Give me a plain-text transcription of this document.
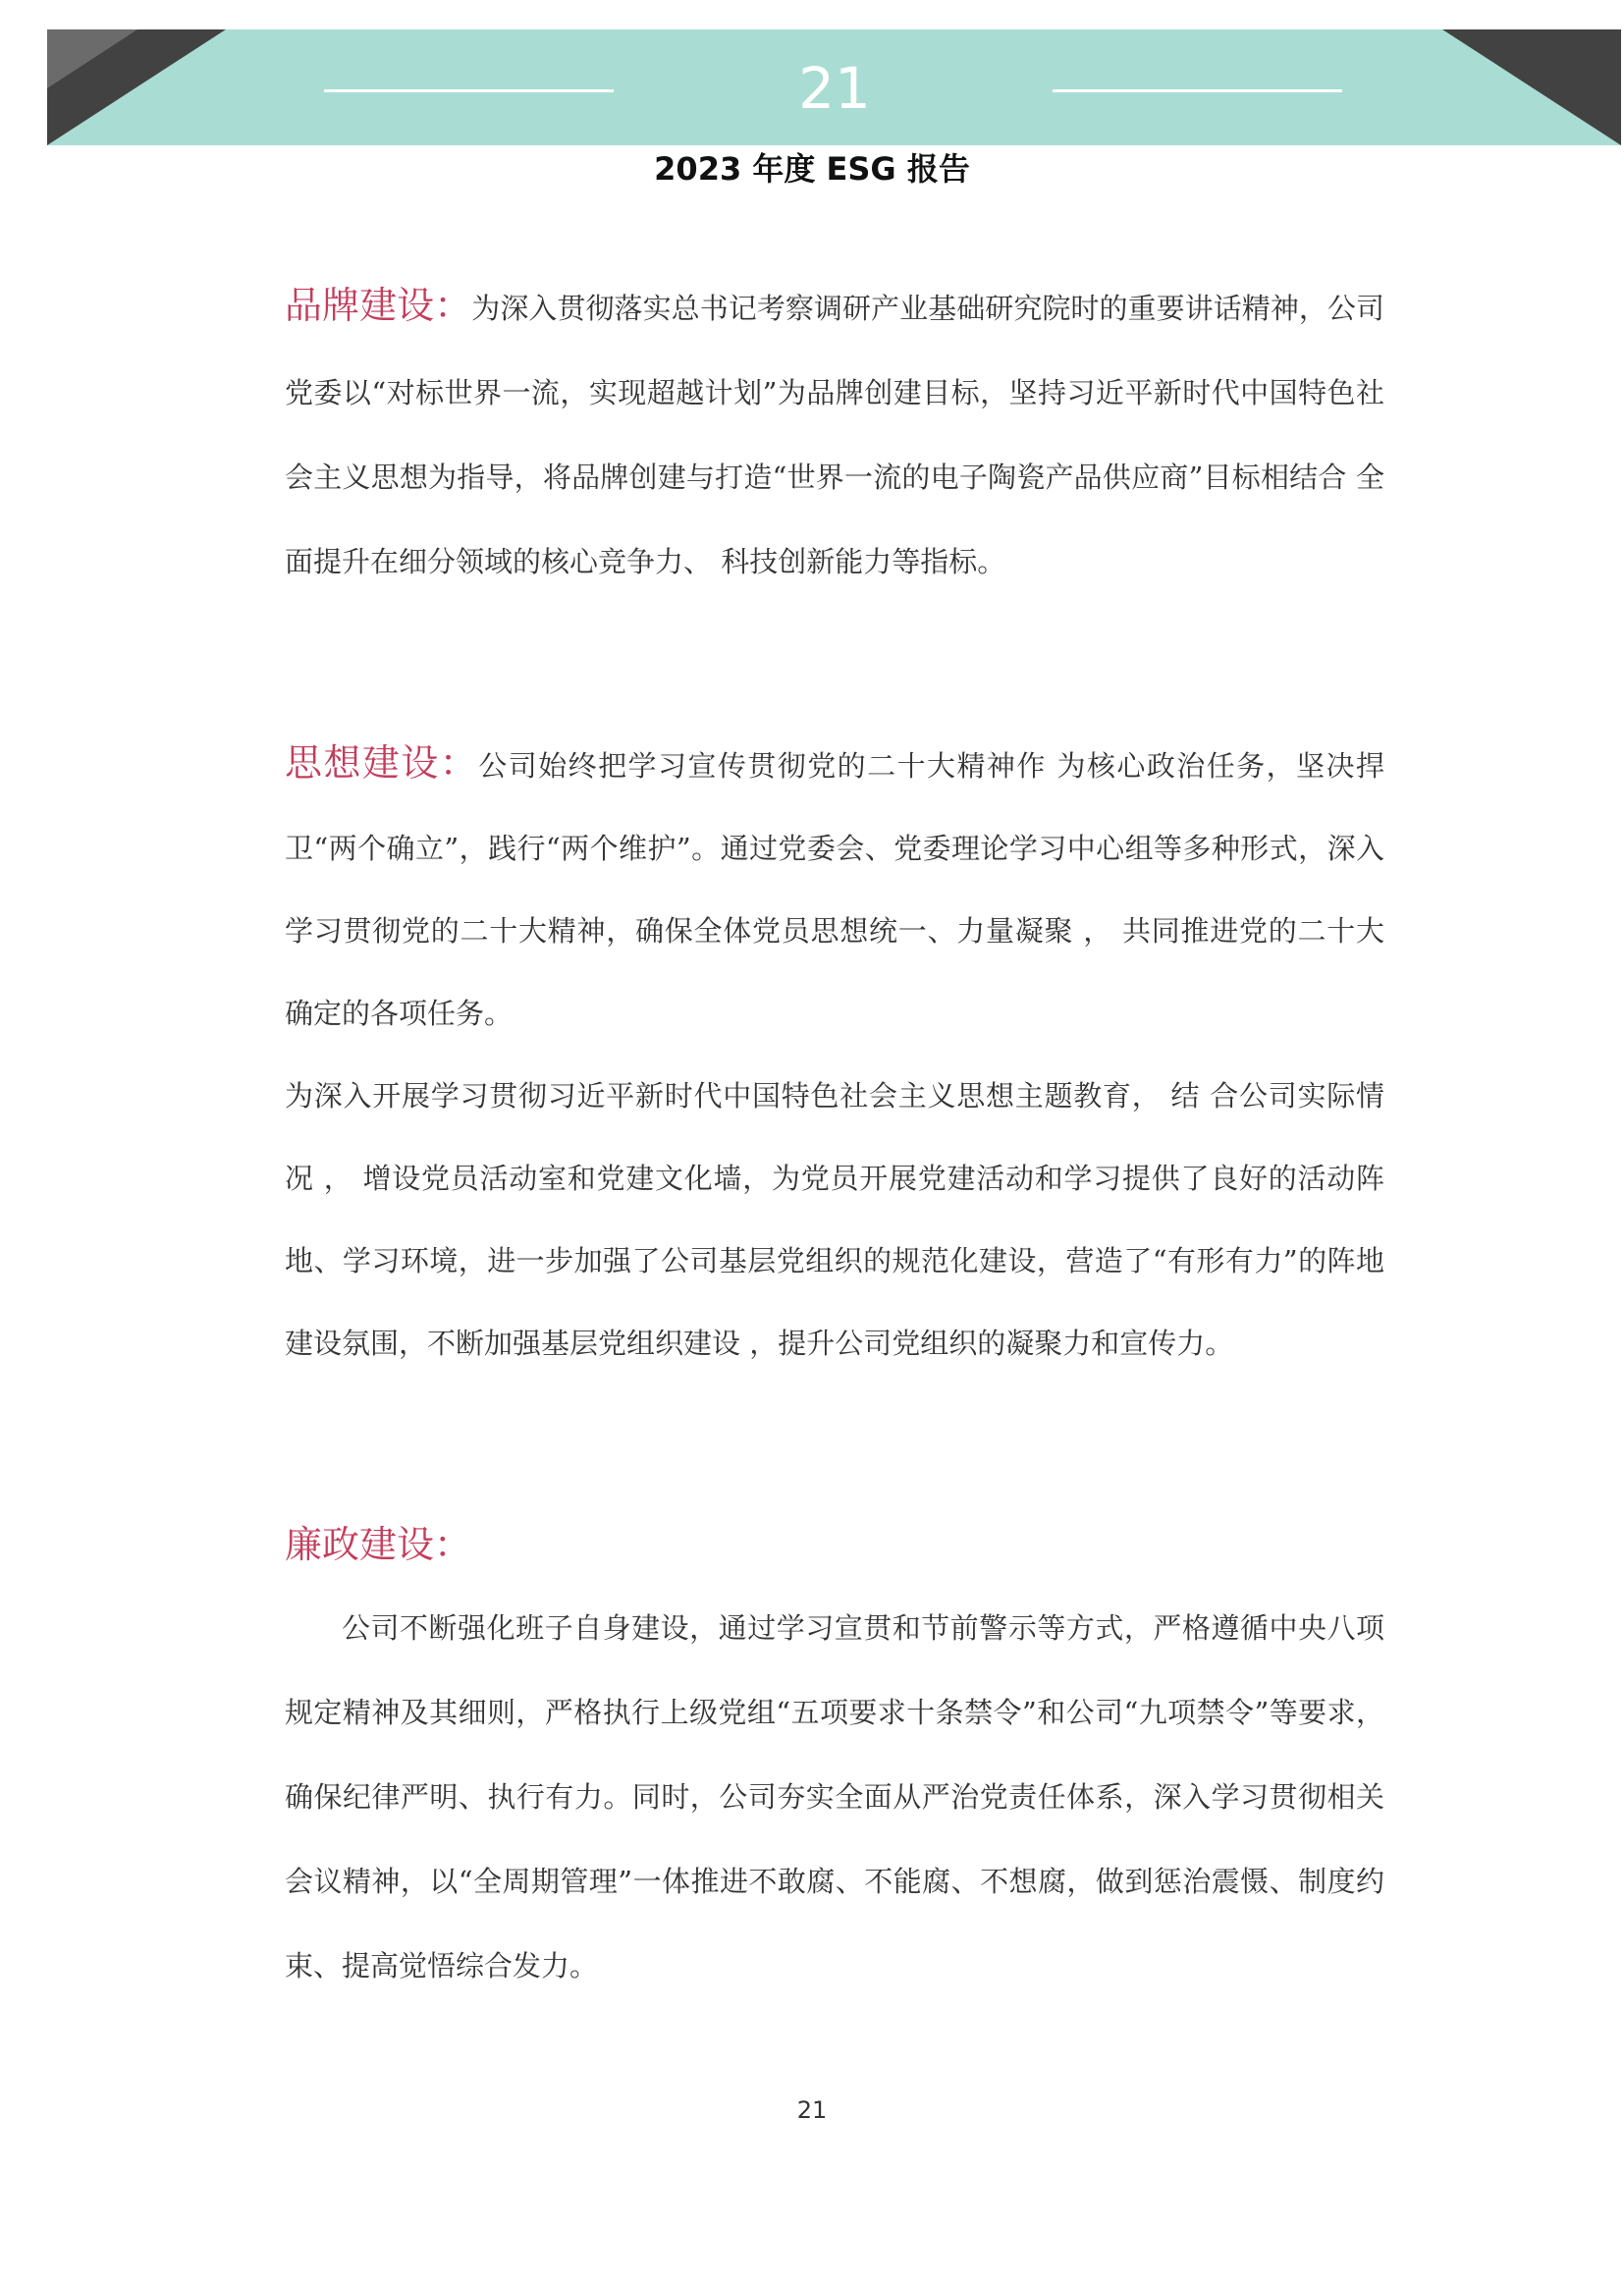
21
2023 年度 ESG 报告

品牌建设：为深入贯彻落实总书记考察调研产业基础研究院时的重要讲话精神，公司党委以“对标世界一流，实现超越计划”为品牌创建目标，坚持习近平新时代中国特色社会主义思想为指导，将品牌创建与打造“世界一流的电子陶瓷产品供应商”目标相结合 全面提升在细分领域的核心竞争力、 科技创新能力等指标。

思想建设：公司始终把学习宣传贯彻党的二十大精神作 为核心政治任务，坚决捍卫“两个确立”，践行“两个维护”。通过党委会、党委理论学习中心组等多种形式，深入学习贯彻党的二十大精神，确保全体党员思想统一、力量凝聚 ， 共同推进党的二十大确定的各项任务。

为深入开展学习贯彻习近平新时代中国特色社会主义思想主题教育， 结 合公司实际情况 ， 增设党员活动室和党建文化墙，为党员开展党建活动和学习提供了良好的活动阵地、学习环境，进一步加强了公司基层党组织的规范化建设，营造了“有形有力”的阵地建设氛围，不断加强基层党组织建设 ，提升公司党组织的凝聚力和宣传力。

廉政建设：

公司不断强化班子自身建设，通过学习宣贯和节前警示等方式，严格遵循中央八项规定精神及其细则，严格执行上级党组“五项要求十条禁令”和公司“九项禁令”等要求，确保纪律严明、执行有力。同时，公司夯实全面从严治党责任体系，深入学习贯彻相关会议精神，以“全周期管理”一体推进不敢腐、不能腐、不想腐，做到惩治震慑、制度约束、提高觉悟综合发力。

21
